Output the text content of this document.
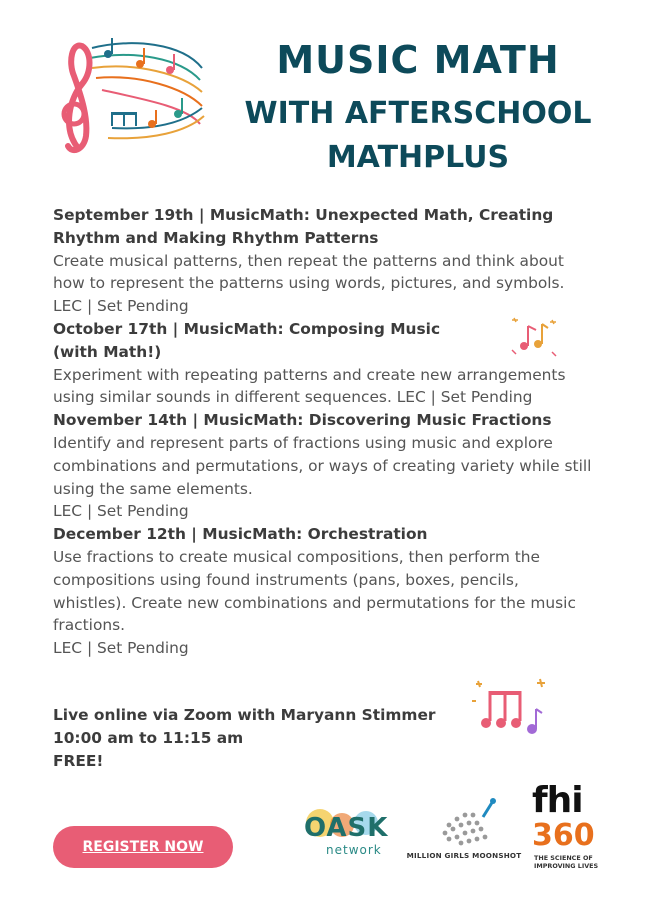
MUSIC MATH
WITH AFTERSCHOOL
MATHPLUS

September 19th | MusicMath: Unexpected Math, Creating Rhythm and Making Rhythm Patterns

Create musical patterns, then repeat the patterns and think about how to represent the patterns using words, pictures, and symbols. LEC | Set Pending

October 17th | MusicMath: Composing Music

(with Math!)

Experiment with repeating patterns and create new arrangements using similar sounds in different sequences. LEC | Set Pending

November 14th | MusicMath: Discovering Music Fractions

Identify and represent parts of fractions using music and explore combinations and permutations, or ways of creating variety while still using the same elements.

LEC | Set Pending

December 12th | MusicMath: Orchestration

Use fractions to create musical compositions, then perform the compositions using found instruments (pans, boxes, pencils, whistles). Create new combinations and permutations for the music fractions.

LEC | Set Pending

Live online via Zoom with Maryann Stimmer
10:00 am to 11:15 am
FREE!
REGISTER NOW
OASK
network	MILLION GIRLS MOONSHOT
fhi
360
THE SCIENCE OF IMPROVING LIVES
